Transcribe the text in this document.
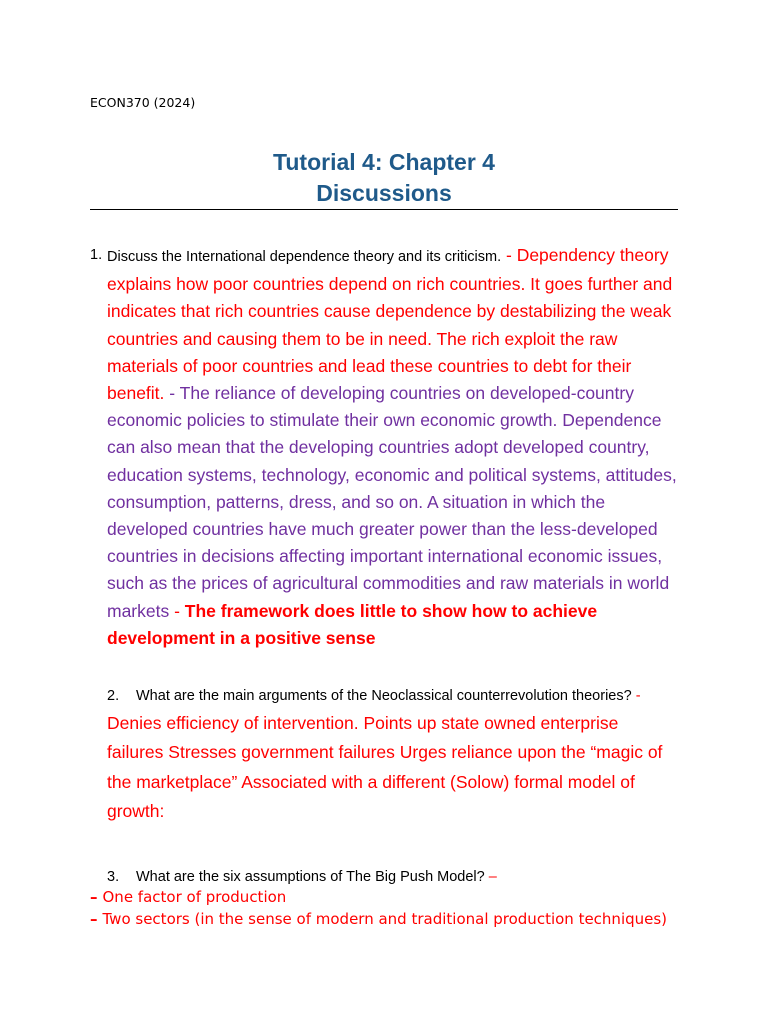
ECON370 (2024)
Tutorial 4: Chapter 4
Discussions
1. Discuss the International dependence theory and its criticism. - Dependency theory explains how poor countries depend on rich countries. It goes further and indicates that rich countries cause dependence by destabilizing the weak countries and causing them to be in need. The rich exploit the raw materials of poor countries and lead these countries to debt for their benefit. - The reliance of developing countries on developed-country economic policies to stimulate their own economic growth. Dependence can also mean that the developing countries adopt developed country, education systems, technology, economic and political systems, attitudes, consumption, patterns, dress, and so on. A situation in which the developed countries have much greater power than the less-developed countries in decisions affecting important international economic issues, such as the prices of agricultural commodities and raw materials in world markets - The framework does little to show how to achieve development in a positive sense
2. What are the main arguments of the Neoclassical counterrevolution theories? -
Denies efficiency of intervention. Points up state owned enterprise failures Stresses government failures Urges reliance upon the “magic of the marketplace” Associated with a different (Solow) formal model of growth:
3. What are the six assumptions of The Big Push Model? –
– One factor of production
– Two sectors (in the sense of modern and traditional production techniques)
